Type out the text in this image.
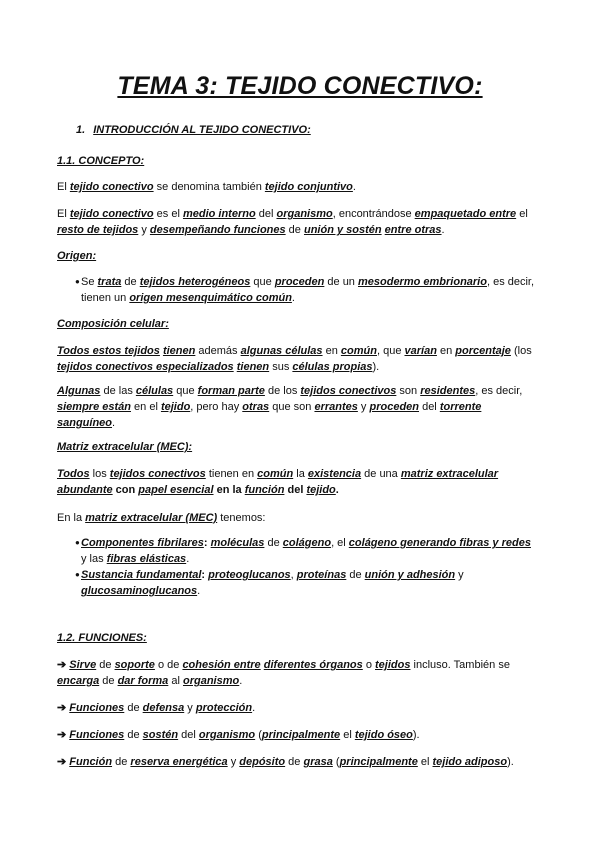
TEMA 3: TEJIDO CONECTIVO:
1. INTRODUCCIÓN AL TEJIDO CONECTIVO:
1.1. CONCEPTO:
El tejido conectivo se denomina también tejido conjuntivo.
El tejido conectivo es el medio interno del organismo, encontrándose empaquetado entre el resto de tejidos y desempeñando funciones de unión y sostén entre otras.
Origen:
● Se trata de tejidos heterogéneos que proceden de un mesodermo embrionario, es decir, tienen un origen mesenquimático común.
Composición celular:
Todos estos tejidos tienen además algunas células en común, que varían en porcentaje (los tejidos conectivos especializados tienen sus células propias).
Algunas de las células que forman parte de los tejidos conectivos son residentes, es decir, siempre están en el tejido, pero hay otras que son errantes y proceden del torrente sanguíneo.
Matriz extracelular (MEC):
Todos los tejidos conectivos tienen en común la existencia de una matriz extracelular abundante con papel esencial en la función del tejido.
En la matriz extracelular (MEC) tenemos:
● Componentes fibrilares: moléculas de colágeno, el colágeno generando fibras y redes y las fibras elásticas.
● Sustancia fundamental: proteoglucanos, proteínas de unión y adhesión y glucosaminoglucanos.
1.2. FUNCIONES:
➔ Sirve de soporte o de cohesión entre diferentes órganos o tejidos incluso. También se encarga de dar forma al organismo.
➔ Funciones de defensa y protección.
➔ Funciones de sostén del organismo (principalmente el tejido óseo).
➔ Función de reserva energética y depósito de grasa (principalmente el tejido adiposo).
